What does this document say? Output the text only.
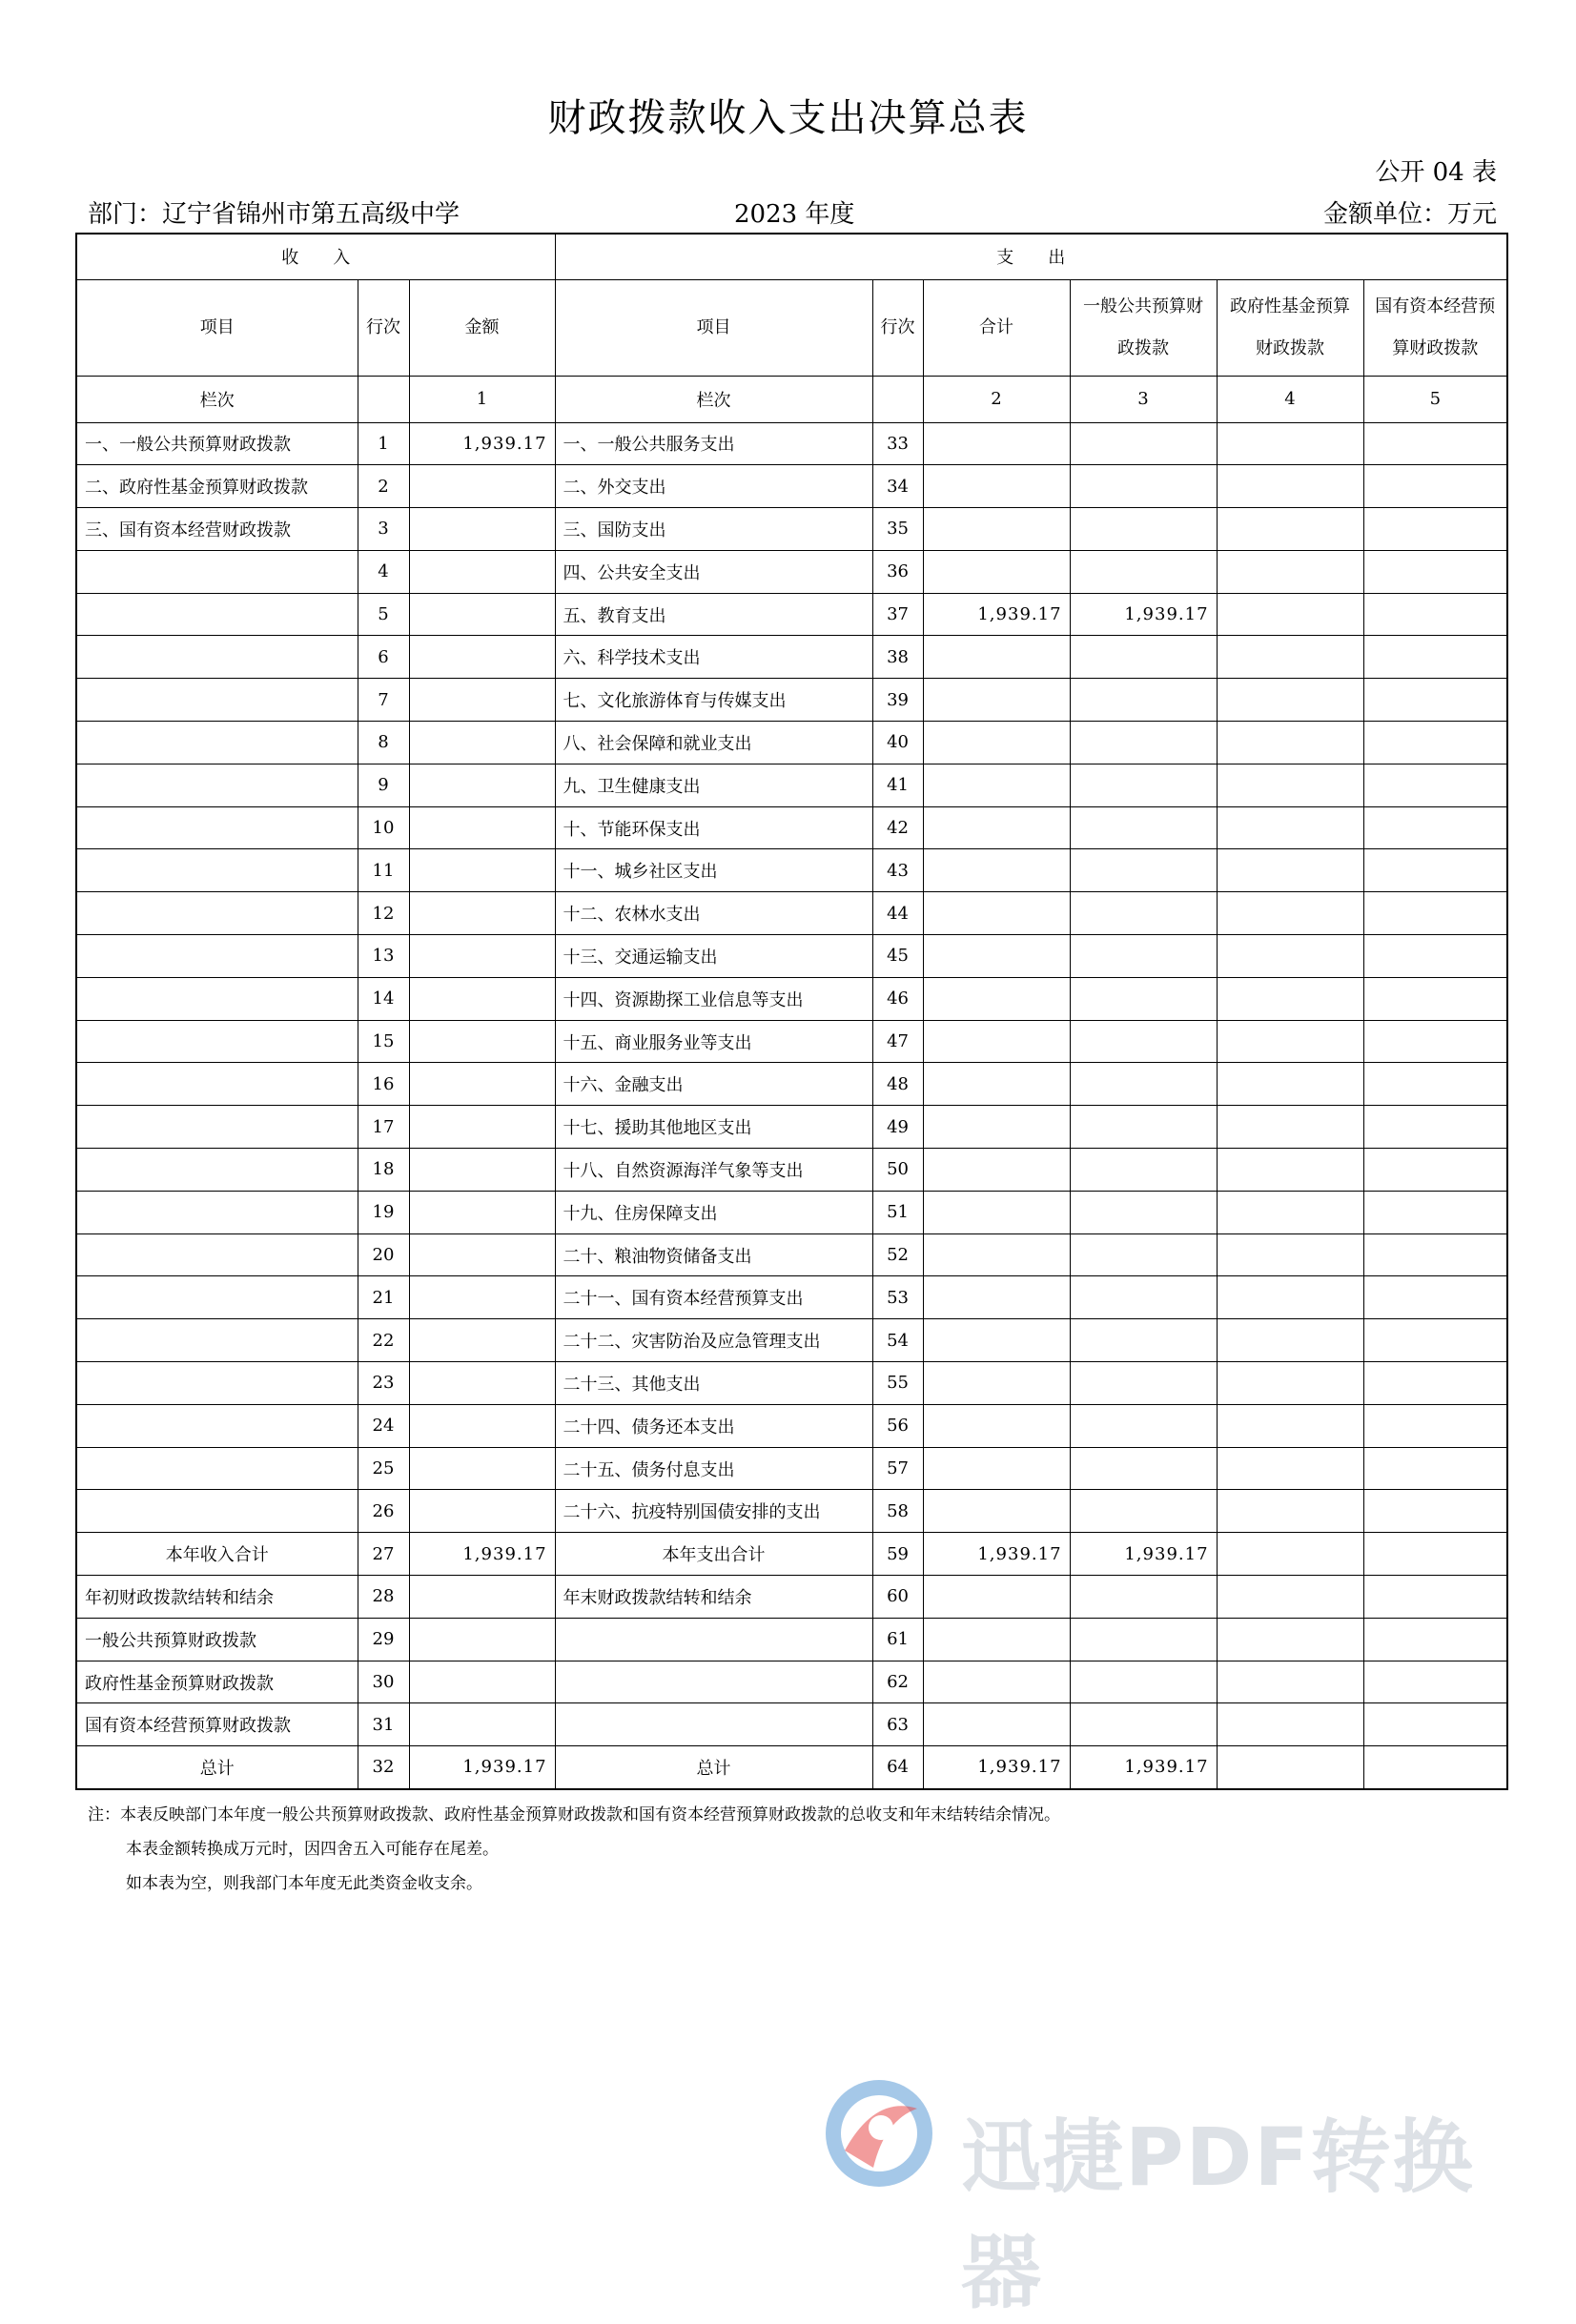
财政拨款收入支出决算总表
公开 04 表
部门：辽宁省锦州市第五高级中学	2023 年度	金额单位：万元
收　　入			支　　出					
项目	行次	金额	项目	行次	合计	一般公共预算财政拨款	政府性基金预算财政拨款	国有资本经营预算财政拨款
栏次		1	栏次		2	3	4	5
一、一般公共预算财政拨款	1	1,939.17	一、一般公共服务支出	33				
二、政府性基金预算财政拨款	2		二、外交支出	34				
三、国有资本经营财政拨款	3		三、国防支出	35				
	4		四、公共安全支出	36				
	5		五、教育支出	37	1,939.17	1,939.17		
	6		六、科学技术支出	38				
	7		七、文化旅游体育与传媒支出	39				
	8		八、社会保障和就业支出	40				
	9		九、卫生健康支出	41				
	10		十、节能环保支出	42				
	11		十一、城乡社区支出	43				
	12		十二、农林水支出	44				
	13		十三、交通运输支出	45				
	14		十四、资源勘探工业信息等支出	46				
	15		十五、商业服务业等支出	47				
	16		十六、金融支出	48				
	17		十七、援助其他地区支出	49				
	18		十八、自然资源海洋气象等支出	50				
	19		十九、住房保障支出	51				
	20		二十、粮油物资储备支出	52				
	21		二十一、国有资本经营预算支出	53				
	22		二十二、灾害防治及应急管理支出	54				
	23		二十三、其他支出	55				
	24		二十四、债务还本支出	56				
	25		二十五、债务付息支出	57				
	26		二十六、抗疫特别国债安排的支出	58				
本年收入合计	27	1,939.17	本年支出合计	59	1,939.17	1,939.17		
年初财政拨款结转和结余	28		年末财政拨款结转和结余	60				
一般公共预算财政拨款	29			61				
政府性基金预算财政拨款	30			62				
国有资本经营预算财政拨款	31			63				
总计	32	1,939.17	总计	64	1,939.17	1,939.17		
注：本表反映部门本年度一般公共预算财政拨款、政府性基金预算财政拨款和国有资本经营预算财政拨款的总收支和年末结转结余情况。
本表金额转换成万元时，因四舍五入可能存在尾差。
如本表为空，则我部门本年度无此类资金收支余。
迅捷PDF转换器
